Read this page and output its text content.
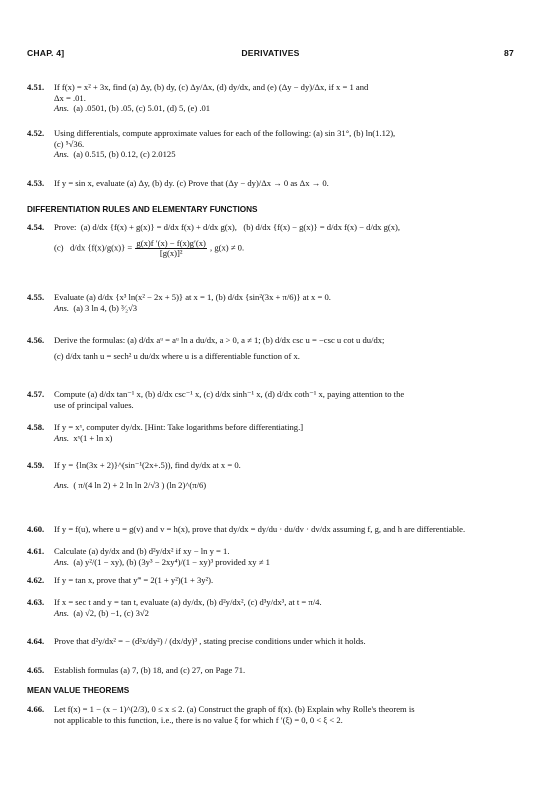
CHAP. 4]	DERIVATIVES	87
4.51. If f(x) = x² + 3x, find (a) Δy, (b) dy, (c) Δy/Δx, (d) dy/dx, and (e) (Δy − dy)/Δx, if x = 1 and
Δx = .01.
Ans. (a) .0501, (b) .05, (c) 5.01, (d) 5, (e) .01
4.52. Using differentials, compute approximate values for each of the following: (a) sin 31°, (b) ln(1.12),
(c) ⁵√36.
Ans. (a) 0.515, (b) 0.12, (c) 2.0125
4.53. If y = sin x, evaluate (a) Δy, (b) dy. (c) Prove that (Δy − dy)/Δx → 0 as Δx → 0.
DIFFERENTIATION RULES AND ELEMENTARY FUNCTIONS
4.54. Prove: (a) d/dx {f(x) + g(x)} = d/dx f(x) + d/dx g(x), (b) d/dx {f(x) − g(x)} = d/dx f(x) − d/dx g(x),
(c) d/dx $\{f(x)/g(x)\} = \frac{g(x)f '(x) - f(x)g'(x)}{\text{[g(x)]²}}$ , g(x) ≠ 0.
4.55. Evaluate (a) d/dx {x³ ln(x² − 2x + 5)} at x = 1, (b) d/dx {sin²(3x + π/6)} at x = 0.
Ans. (a) 3 ln 4, (b) ³⁄₂√3
4.56. Derive the formulas: (a) d/dx aᵘ = aᵘ ln a du/dx, a > 0, a ≠ 1; (b) d/dx csc u = −csc u cot u du/dx;
(c) d/dx tanh u = sech² u du/dx where u is a differentiable function of x.
4.57. Compute (a) d/dx tan⁻¹ x, (b) d/dx csc⁻¹ x, (c) d/dx sinh⁻¹ x, (d) d/dx coth⁻¹ x, paying attention to the
use of principal values.
4.58. If y = xˣ, computer dy/dx. [Hint: Take logarithms before differentiating.]
Ans. xˣ(1 + ln x)
4.59. If y = {ln(3x + 2)}^(sin⁻¹(2x+.5)), find dy/dx at x = 0.
Ans. ( π/(4 ln 2) + 2 ln ln 2/√3 ) (ln 2)^(π/6)
4.60. If y = f(u), where u = g(v) and v = h(x), prove that dy/dx = dy/du · du/dv · dv/dx assuming f, g, and h are differentiable.
4.61. Calculate (a) dy/dx and (b) d²y/dx² if xy − ln y = 1.
Ans. (a) y²/(1 − xy), (b) (3y³ − 2xy⁴)/(1 − xy)³ provided xy ≠ 1
4.62. If y = tan x, prove that y‴ = 2(1 + y²)(1 + 3y²).
4.63. If x = sec t and y = tan t, evaluate (a) dy/dx, (b) d²y/dx², (c) d³y/dx³, at t = π/4.
Ans. (a) √2, (b) −1, (c) 3√2
4.64. Prove that d²y/dx² = − (d²x/dy²) / (dx/dy)³ , stating precise conditions under which it holds.
4.65. Establish formulas (a) 7, (b) 18, and (c) 27, on Page 71.
MEAN VALUE THEOREMS
4.66. Let f(x) = 1 − (x − 1)^(2/3), 0 ≤ x ≤ 2. (a) Construct the graph of f(x). (b) Explain why Rolle's theorem is
not applicable to this function, i.e., there is no value ξ for which f ′(ξ) = 0, 0 < ξ < 2.
